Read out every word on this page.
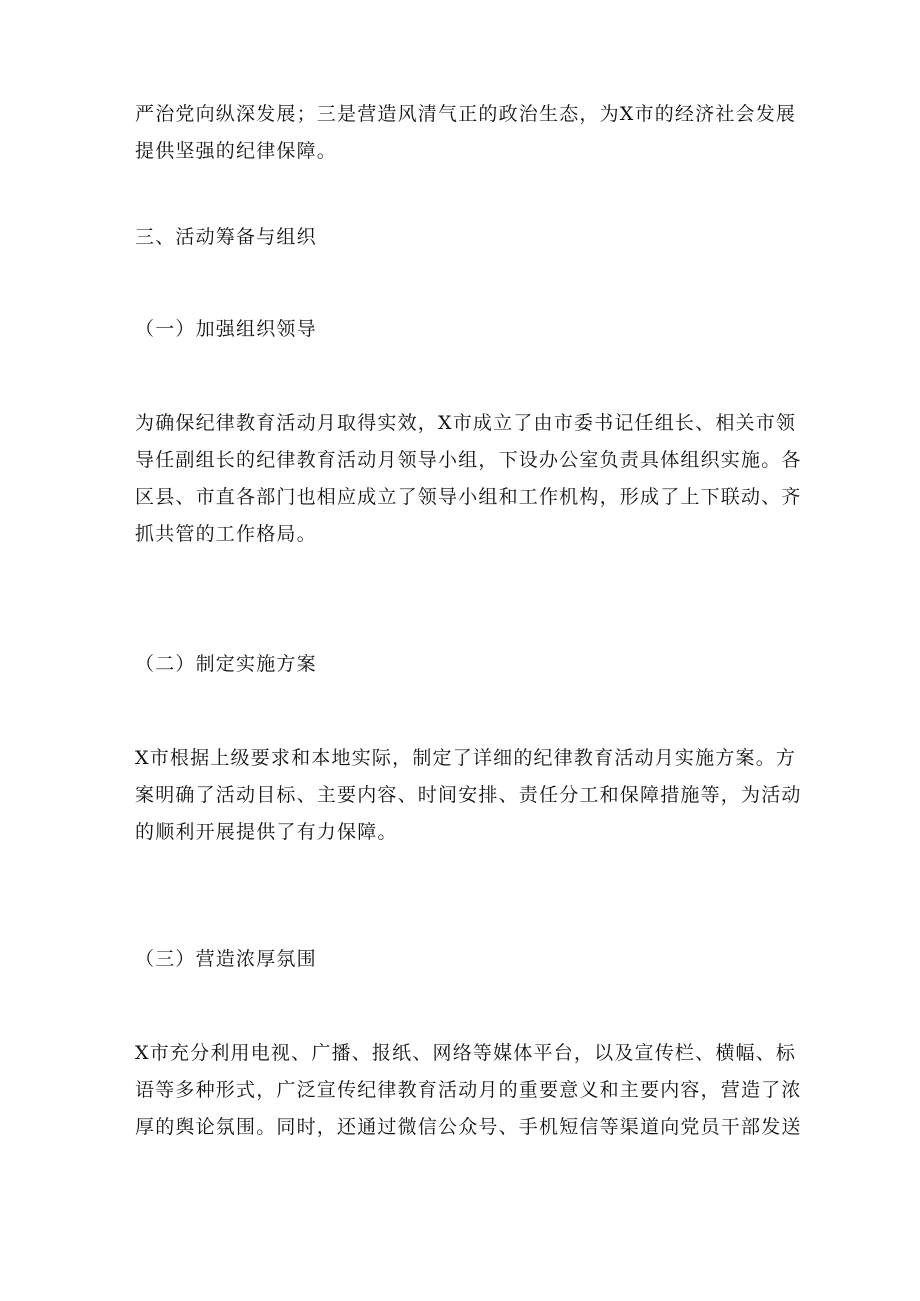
严治党向纵深发展；三是营造风清气正的政治生态，为X市的经济社会发展
提供坚强的纪律保障。
三、活动筹备与组织
（一）加强组织领导
为确保纪律教育活动月取得实效，X市成立了由市委书记任组长、相关市领
导任副组长的纪律教育活动月领导小组，下设办公室负责具体组织实施。各
区县、市直各部门也相应成立了领导小组和工作机构，形成了上下联动、齐
抓共管的工作格局。
（二）制定实施方案
X市根据上级要求和本地实际，制定了详细的纪律教育活动月实施方案。方
案明确了活动目标、主要内容、时间安排、责任分工和保障措施等，为活动
的顺利开展提供了有力保障。
（三）营造浓厚氛围
X市充分利用电视、广播、报纸、网络等媒体平台，以及宣传栏、横幅、标
语等多种形式，广泛宣传纪律教育活动月的重要意义和主要内容，营造了浓
厚的舆论氛围。同时，还通过微信公众号、手机短信等渠道向党员干部发送
